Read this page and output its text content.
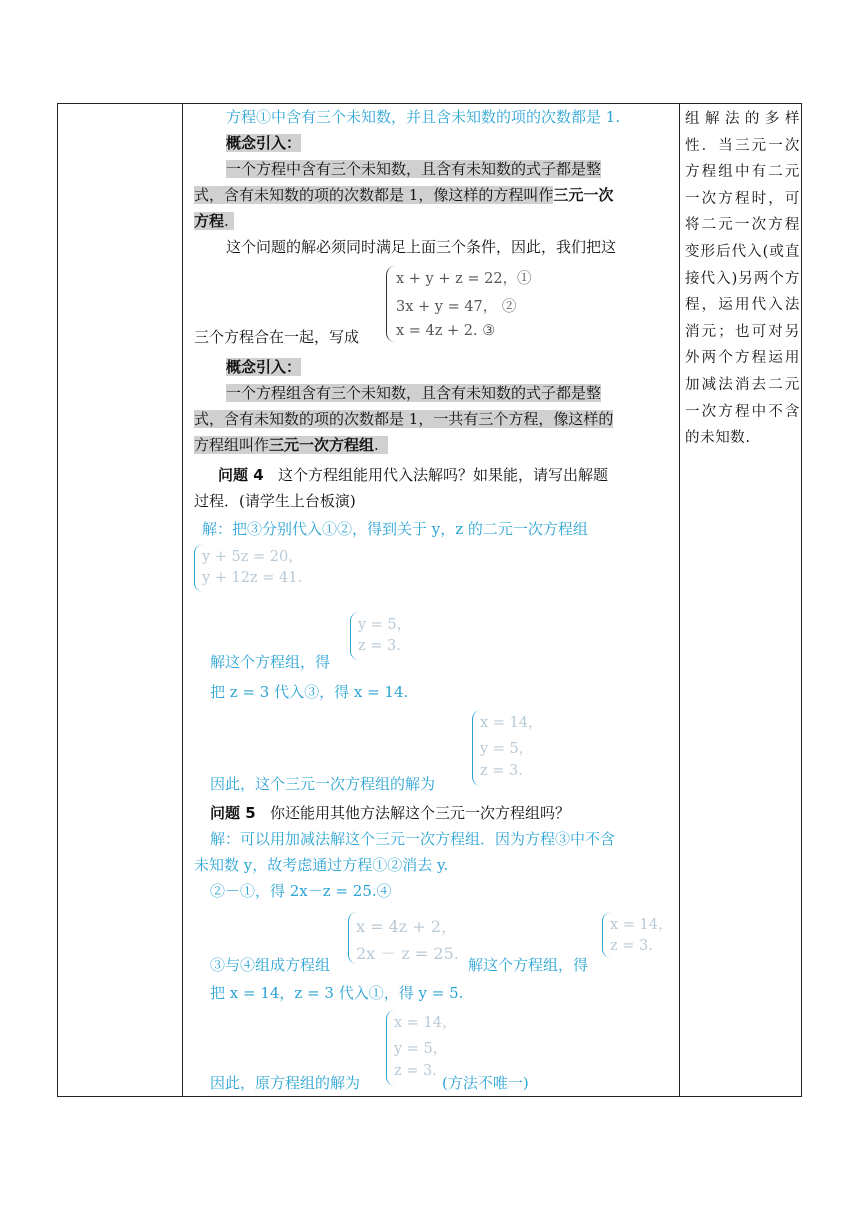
方程①中含有三个未知数，并且含未知数的项的次数都是 1.
概念引入：
一个方程中含有三个未知数，且含有未知数的式子都是整
式，含有未知数的项的次数都是 1，像这样的方程叫作三元一次
方程.
这个问题的解必须同时满足上面三个条件，因此，我们把这
三个方程合在一起，写成
x + y + z = 22，①
3x + y = 47， ②
x = 4z + 2. ③
概念引入：
一个方程组含有三个未知数，且含有未知数的式子都是整
式，含有未知数的项的次数都是 1，一共有三个方程，像这样的
方程组叫作三元一次方程组.
问题 4 这个方程组能用代入法解吗？如果能，请写出解题
过程．(请学生上台板演)
解：把③分别代入①②，得到关于 y，z 的二元一次方程组
y + 5z = 20，
y + 12z = 41.
解这个方程组，得
y = 5，
z = 3.
把 z = 3 代入③，得 x = 14.
因此，这个三元一次方程组的解为
x = 14，
y = 5，
z = 3.
问题 5 你还能用其他方法解这个三元一次方程组吗？
解：可以用加减法解这个三元一次方程组．因为方程③中不含
未知数 y，故考虑通过方程①②消去 y.
②－①，得 2x－z = 25.④
③与④组成方程组
x = 4z + 2，
2x － z = 25.
解这个方程组，得
x = 14，
z = 3.
把 x = 14，z = 3 代入①，得 y = 5.
因此，原方程组的解为
x = 14，
y = 5，
z = 3.
(方法不唯一)
组解法的多样性．当三元一次方程组中有二元一次方程时，可将二元一次方程变形后代入(或直接代入)另两个方程，运用代入法消元；也可对另外两个方程运用加减法消去二元一次方程中不含的未知数.
